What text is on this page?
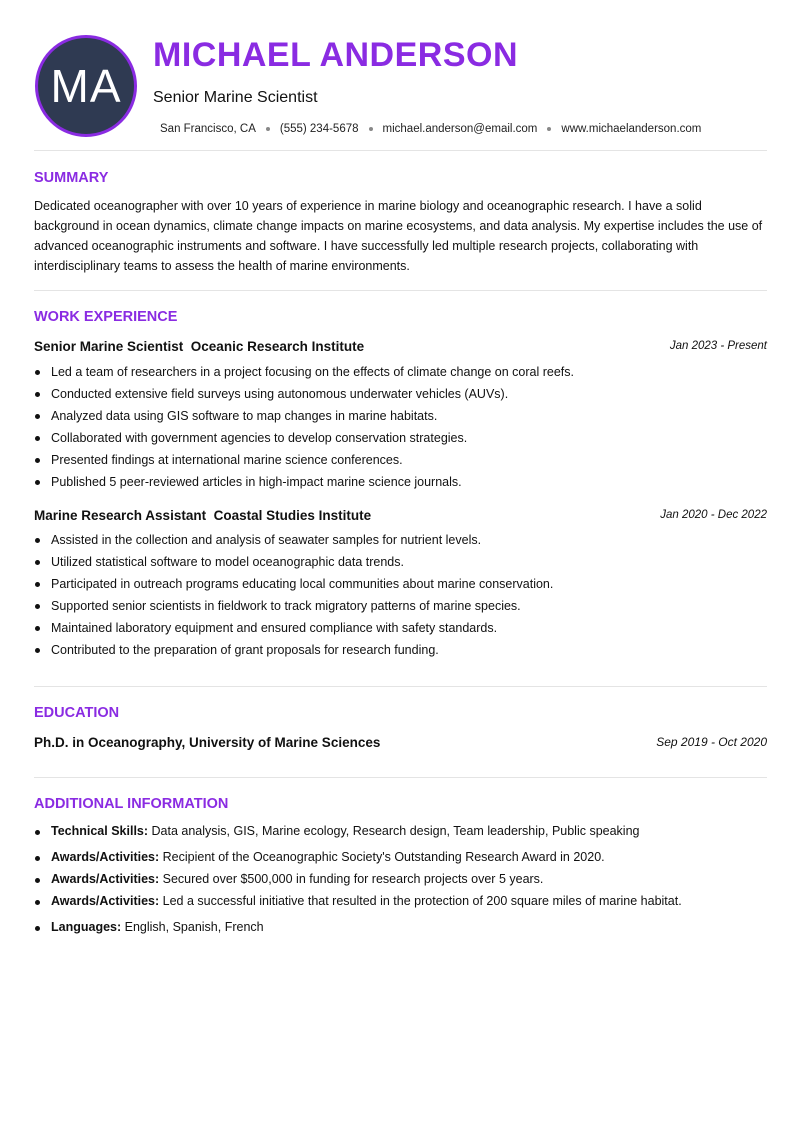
MA
MICHAEL ANDERSON
Senior Marine Scientist
San Francisco, CA (555) 234-5678 michael.anderson@email.com www.michaelanderson.com
SUMMARY
Dedicated oceanographer with over 10 years of experience in marine biology and oceanographic research. I have a solid background in ocean dynamics, climate change impacts on marine ecosystems, and data analysis. My expertise includes the use of advanced oceanographic instruments and software. I have successfully led multiple research projects, collaborating with interdisciplinary teams to assess the health of marine environments.
WORK EXPERIENCE
Senior Marine Scientist  Oceanic Research Institute	Jan 2023 - Present
Led a team of researchers in a project focusing on the effects of climate change on coral reefs.
Conducted extensive field surveys using autonomous underwater vehicles (AUVs).
Analyzed data using GIS software to map changes in marine habitats.
Collaborated with government agencies to develop conservation strategies.
Presented findings at international marine science conferences.
Published 5 peer-reviewed articles in high-impact marine science journals.
Marine Research Assistant  Coastal Studies Institute	Jan 2020 - Dec 2022
Assisted in the collection and analysis of seawater samples for nutrient levels.
Utilized statistical software to model oceanographic data trends.
Participated in outreach programs educating local communities about marine conservation.
Supported senior scientists in fieldwork to track migratory patterns of marine species.
Maintained laboratory equipment and ensured compliance with safety standards.
Contributed to the preparation of grant proposals for research funding.
EDUCATION
Ph.D. in Oceanography, University of Marine Sciences	Sep 2019 - Oct 2020
ADDITIONAL INFORMATION
Technical Skills: Data analysis, GIS, Marine ecology, Research design, Team leadership, Public speaking
Awards/Activities: Recipient of the Oceanographic Society's Outstanding Research Award in 2020.
Awards/Activities: Secured over $500,000 in funding for research projects over 5 years.
Awards/Activities: Led a successful initiative that resulted in the protection of 200 square miles of marine habitat.
Languages: English, Spanish, French
